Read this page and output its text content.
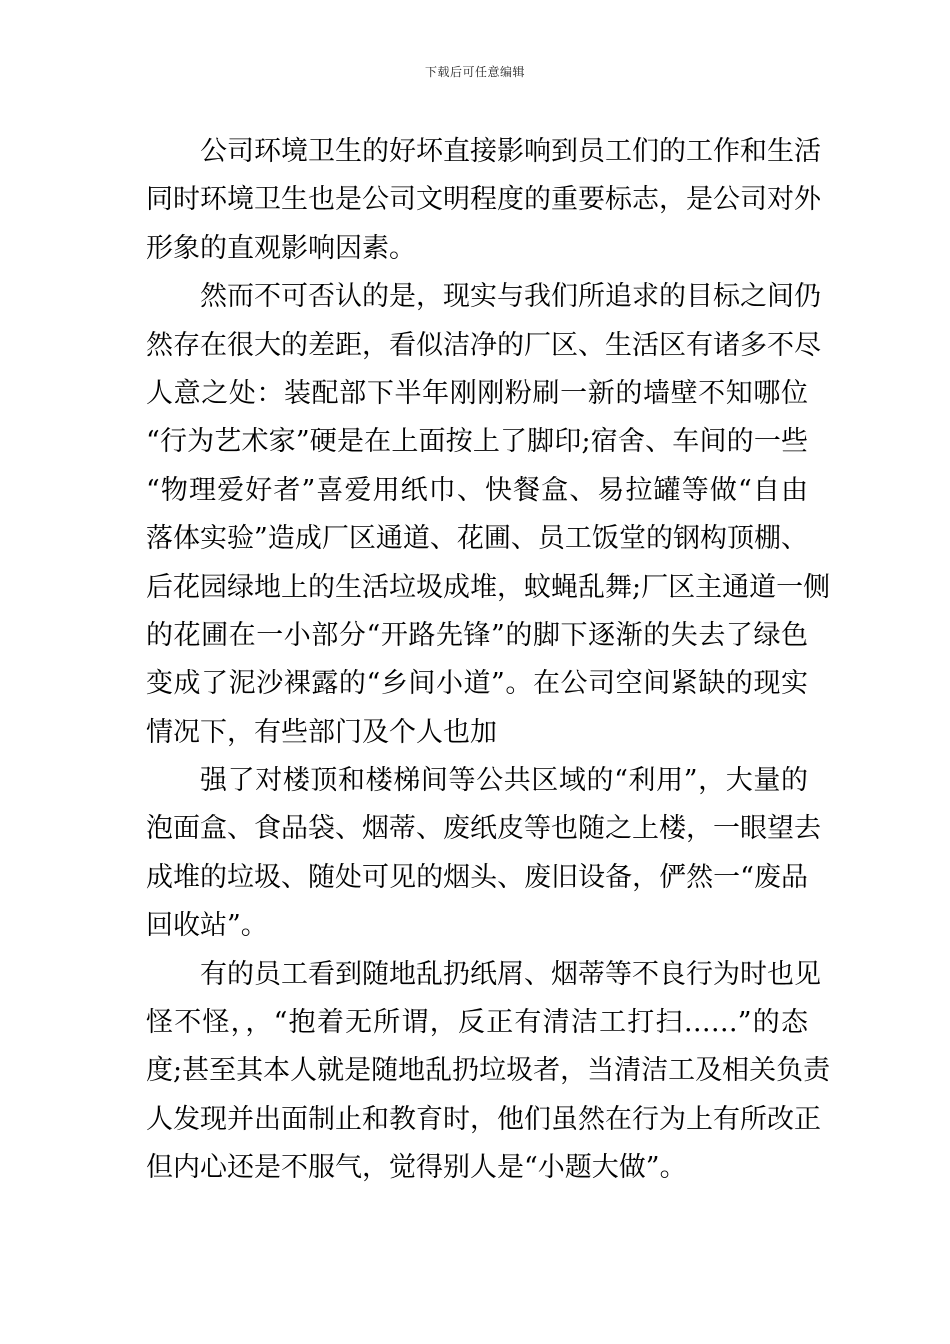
下载后可任意编辑
公司环境卫生的好坏直接影响到员工们的工作和生活
同时环境卫生也是公司文明程度的重要标志，是公司对外
形象的直观影响因素。
然而不可否认的是，现实与我们所追求的目标之间仍
然存在很大的差距，看似洁净的厂区、生活区有诸多不尽
人意之处：装配部下半年刚刚粉刷一新的墙壁不知哪位
“行为艺术家”硬是在上面按上了脚印;宿舍、车间的一些
“物理爱好者”喜爱用纸巾、快餐盒、易拉罐等做“自由
落体实验”造成厂区通道、花圃、员工饭堂的钢构顶棚、
后花园绿地上的生活垃圾成堆，蚊蝇乱舞;厂区主通道一侧
的花圃在一小部分“开路先锋”的脚下逐渐的失去了绿色
变成了泥沙裸露的“乡间小道”。在公司空间紧缺的现实
情况下，有些部门及个人也加
强了对楼顶和楼梯间等公共区域的“利用”，大量的
泡面盒、食品袋、烟蒂、废纸皮等也随之上楼，一眼望去
成堆的垃圾、随处可见的烟头、废旧设备，俨然一“废品
回收站”。
有的员工看到随地乱扔纸屑、烟蒂等不良行为时也见
怪不怪，，“抱着无所谓，反正有清洁工打扫……”的态
度;甚至其本人就是随地乱扔垃圾者，当清洁工及相关负责
人发现并出面制止和教育时，他们虽然在行为上有所改正
但内心还是不服气，觉得别人是“小题大做”。
